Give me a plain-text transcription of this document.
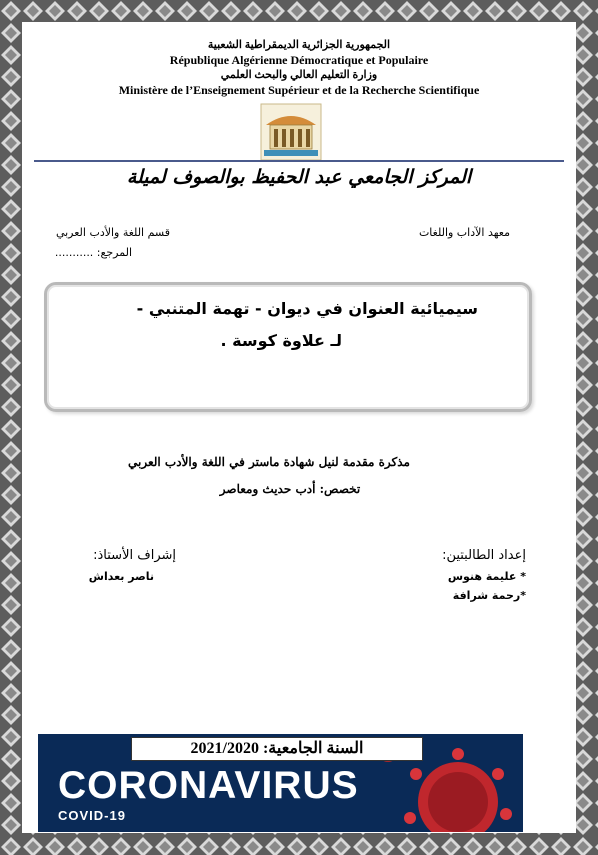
الجمهورية الجزائرية الديمقراطية الشعبية
République Algérienne Démocratique et Populaire
وزارة التعليم العالي والبحث العلمي
Ministère de l’Enseignement Supérieur et de la Recherche Scientifique
المركز الجامعي عبد الحفيظ بوالصوف لميلة
معهد الآداب واللغات
قسم اللغة والأدب العربي
المرجع: ...........
سيميائية العنوان في ديوان - تهمة المتنبي -
لـ علاوة كوسة .
مذكرة مقدمة لنيل شهادة ماستر في اللغة والأدب العربي
تخصص: أدب حديث ومعاصر
إعداد الطالبتين:
* عليمة هنوس
*رحمة شرافة
إشراف الأستاذ:
ناصر بعداش
السنة الجامعية: 2021/2020
CORONAVIRUS
COVID-19
